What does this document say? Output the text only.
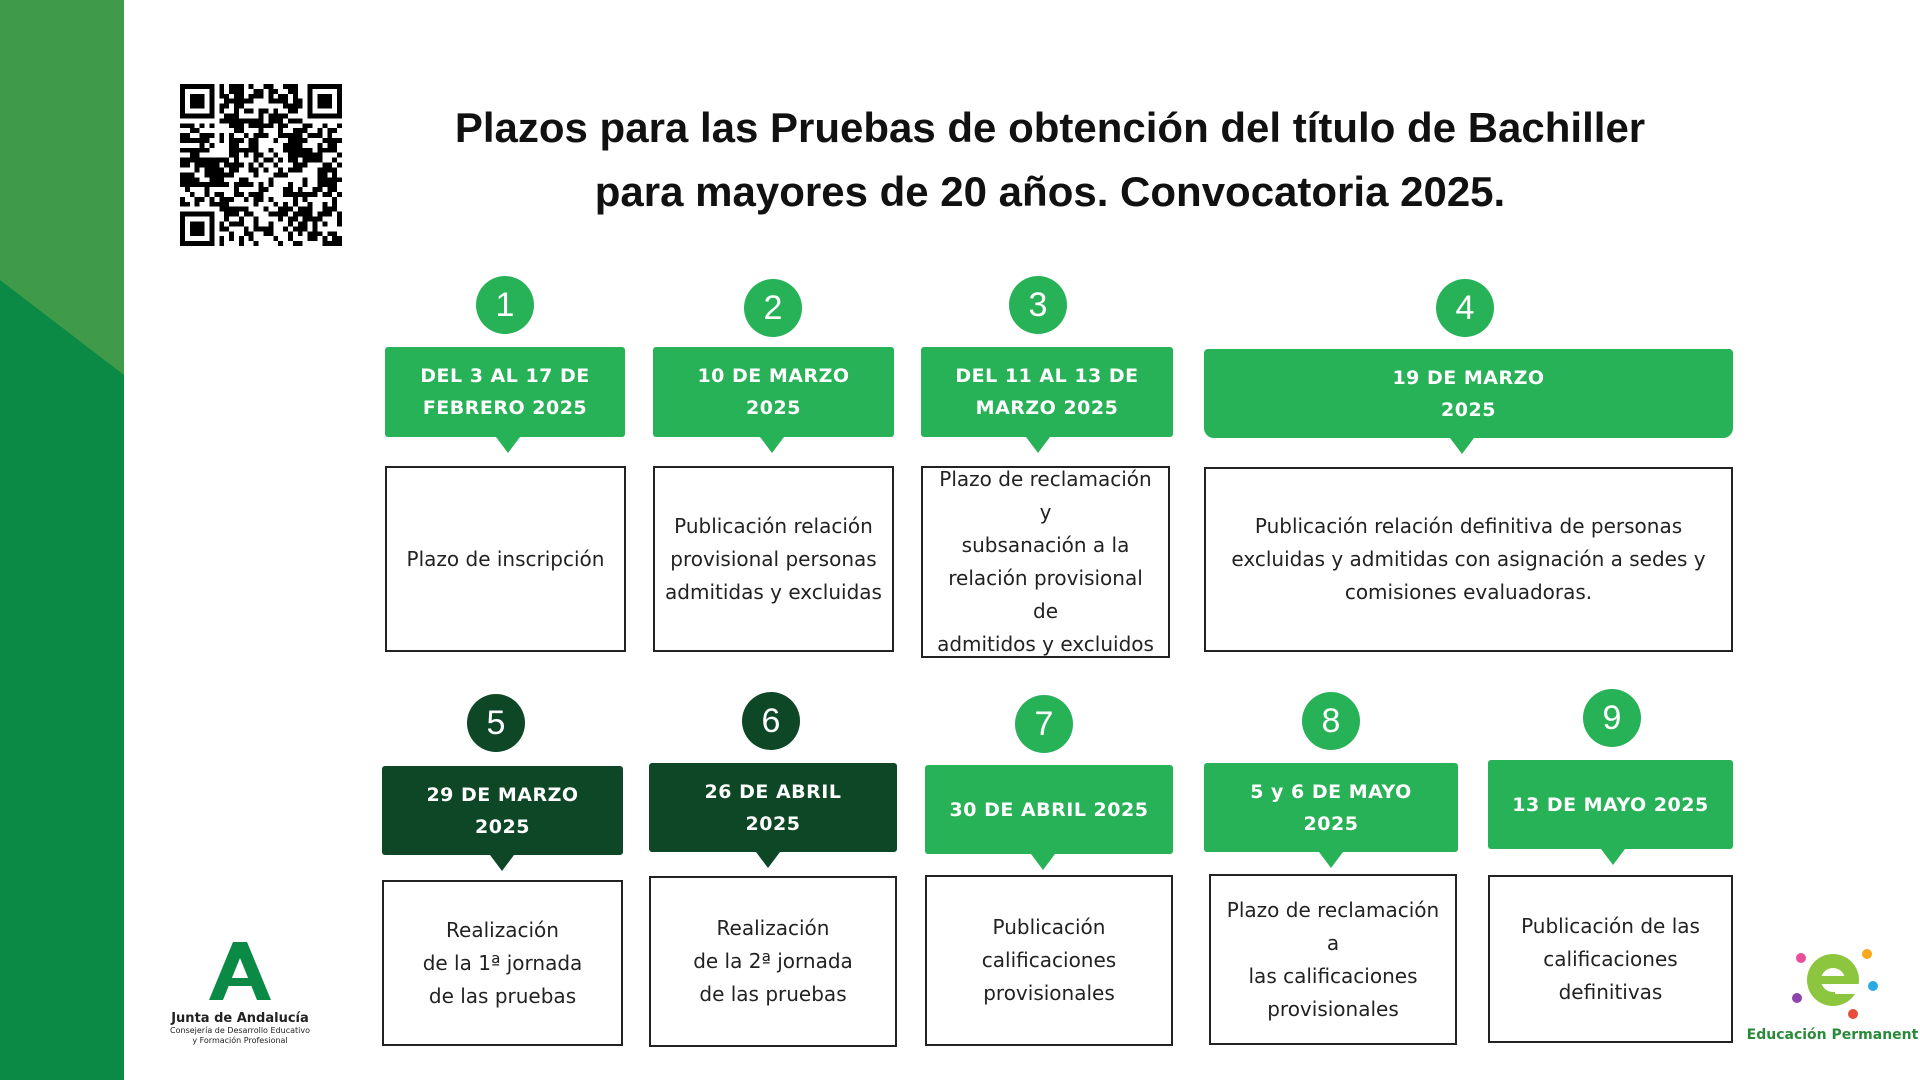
Plazos para las Pruebas de obtención del título de Bachiller
para mayores de 20 años. Convocatoria 2025.
1
DEL 3 AL 17 DE
FEBRERO 2025
Plazo de inscripción
2
10 DE MARZO
2025
Publicación relación
provisional personas
admitidas y excluidas
3
DEL 11 AL 13 DE
MARZO 2025
Plazo de reclamación y
subsanación a la
relación provisional de
admitidos y excluidos
4
19 DE MARZO
2025
Publicación relación definitiva de personas
excluidas y admitidas con asignación a sedes y
comisiones evaluadoras.
5
29 DE MARZO
2025
Realización
de la 1ª jornada
de las pruebas
6
26 DE ABRIL
2025
Realización
de la 2ª jornada
de las pruebas
7
30 DE ABRIL 2025
Publicación
calificaciones
provisionales
8
5 y 6 DE MAYO
2025
Plazo de reclamación a
las calificaciones
provisionales
9
13 DE MAYO 2025
Publicación de las
calificaciones
definitivas
Junta de Andalucía
Consejería de Desarrollo Educativo
y Formación Profesional	Educación Permanent
